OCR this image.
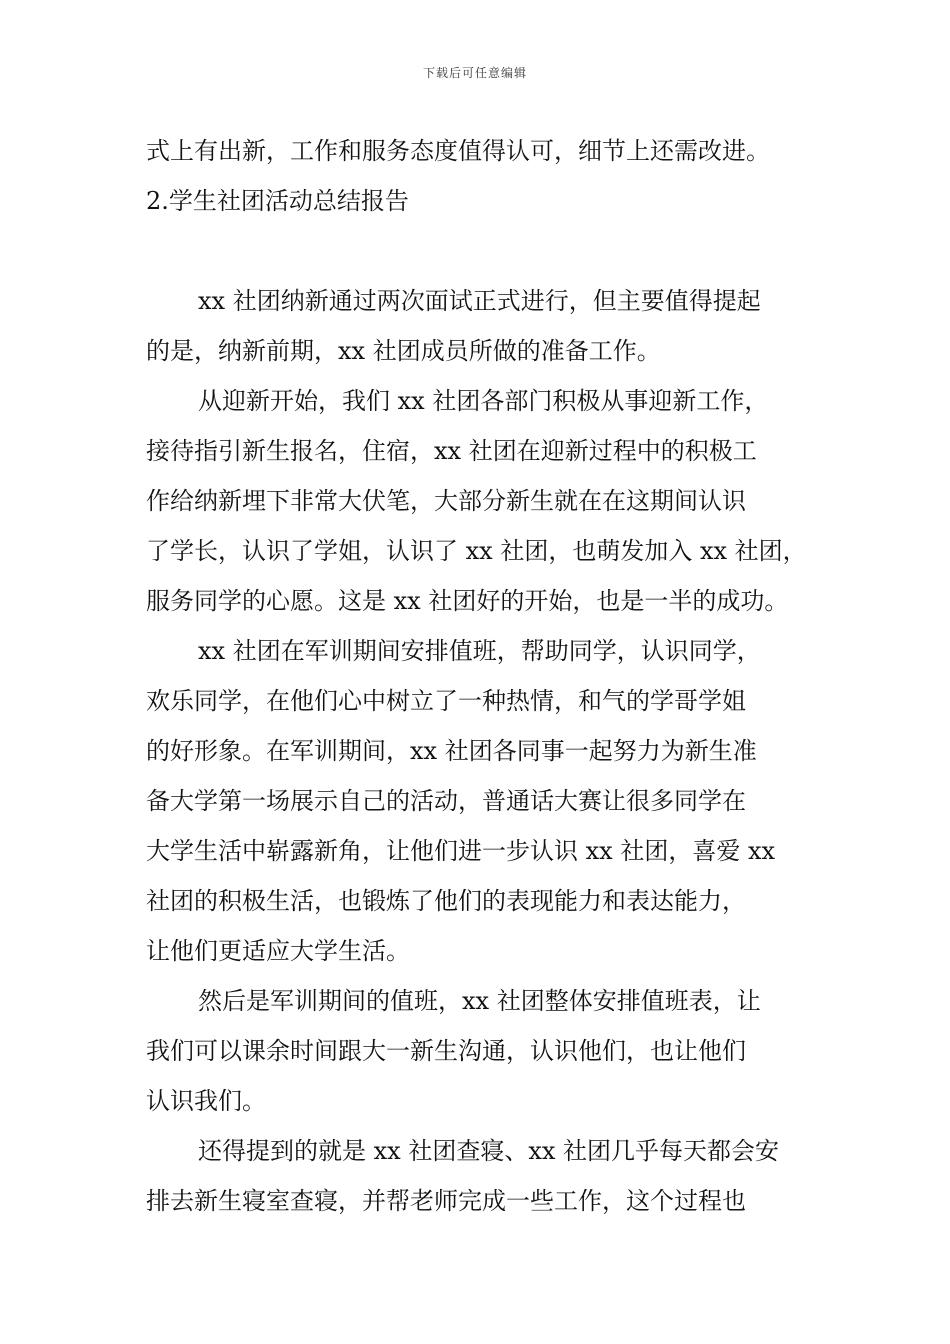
下载后可任意编辑
式上有出新，工作和服务态度值得认可，细节上还需改进。
2.学生社团活动总结报告
xx 社团纳新通过两次面试正式进行，但主要值得提起
的是，纳新前期，xx 社团成员所做的准备工作。
从迎新开始，我们 xx 社团各部门积极从事迎新工作，
接待指引新生报名，住宿，xx 社团在迎新过程中的积极工
作给纳新埋下非常大伏笔，大部分新生就在在这期间认识
了学长，认识了学姐，认识了 xx 社团，也萌发加入 xx 社团，
服务同学的心愿。这是 xx 社团好的开始，也是一半的成功。
xx 社团在军训期间安排值班，帮助同学，认识同学，
欢乐同学，在他们心中树立了一种热情，和气的学哥学姐
的好形象。在军训期间，xx 社团各同事一起努力为新生准
备大学第一场展示自己的活动，普通话大赛让很多同学在
大学生活中崭露新角，让他们进一步认识 xx 社团，喜爱 xx
社团的积极生活，也锻炼了他们的表现能力和表达能力，
让他们更适应大学生活。
然后是军训期间的值班，xx 社团整体安排值班表，让
我们可以课余时间跟大一新生沟通，认识他们，也让他们
认识我们。
还得提到的就是 xx 社团查寝、xx 社团几乎每天都会安
排去新生寝室查寝，并帮老师完成一些工作，这个过程也
